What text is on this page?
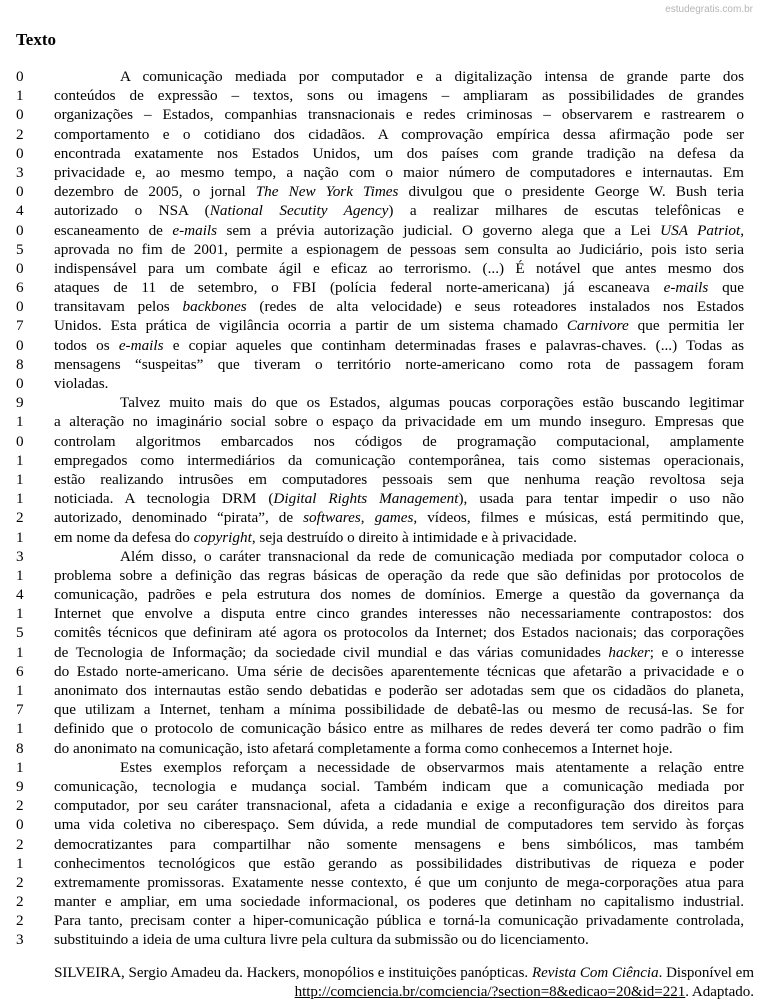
estudegratis.com.br
Texto
0	A comunicação mediada por computador e a digitalização intensa de grande parte dos
1	conteúdos de expressão – textos, sons ou imagens – ampliaram as possibilidades de grandes
0	organizações – Estados, companhias transnacionais e redes criminosas – observarem e rastrearem o
2	comportamento e o cotidiano dos cidadãos. A comprovação empírica dessa afirmação pode ser
0	encontrada exatamente nos Estados Unidos, um dos países com grande tradição na defesa da
3	privacidade e, ao mesmo tempo, a nação com o maior número de computadores e internautas. Em
0	dezembro de 2005, o jornal The New York Times divulgou que o presidente George W. Bush teria
4	autorizado o NSA (National Secutity Agency) a realizar milhares de escutas telefônicas e
0	escaneamento de e-mails sem a prévia autorização judicial. O governo alega que a Lei USA Patriot,
5	aprovada no fim de 2001, permite a espionagem de pessoas sem consulta ao Judiciário, pois isto seria
0	indispensável para um combate ágil e eficaz ao terrorismo. (...) É notável que antes mesmo dos
6	ataques de 11 de setembro, o FBI (polícia federal norte-americana) já escaneava e-mails que
0	transitavam pelos backbones (redes de alta velocidade) e seus roteadores instalados nos Estados
7	Unidos. Esta prática de vigilância ocorria a partir de um sistema chamado Carnivore que permitia ler
0	todos os e-mails e copiar aqueles que continham determinadas frases e palavras-chaves. (...) Todas as
8	mensagens “suspeitas” que tiveram o território norte-americano como rota de passagem foram
0	violadas.
9	Talvez muito mais do que os Estados, algumas poucas corporações estão buscando legitimar
1	a alteração no imaginário social sobre o espaço da privacidade em um mundo inseguro. Empresas que
0	controlam algoritmos embarcados nos códigos de programação computacional, amplamente
1	empregados como intermediários da comunicação contemporânea, tais como sistemas operacionais,
1	estão realizando intrusões em computadores pessoais sem que nenhuma reação revoltosa seja
1	noticiada. A tecnologia DRM (Digital Rights Management), usada para tentar impedir o uso não
2	autorizado, denominado “pirata”, de softwares, games, vídeos, filmes e músicas, está permitindo que,
1	em nome da defesa do copyright, seja destruído o direito à intimidade e à privacidade.
3	Além disso, o caráter transnacional da rede de comunicação mediada por computador coloca o
1	problema sobre a definição das regras básicas de operação da rede que são definidas por protocolos de
4	comunicação, padrões e pela estrutura dos nomes de domínios. Emerge a questão da governança da
1	Internet que envolve a disputa entre cinco grandes interesses não necessariamente contrapostos: dos
5	comitês técnicos que definiram até agora os protocolos da Internet; dos Estados nacionais; das corporações
1	de Tecnologia de Informação; da sociedade civil mundial e das várias comunidades hacker; e o interesse
6	do Estado norte-americano. Uma série de decisões aparentemente técnicas que afetarão a privacidade e o
1	anonimato dos internautas estão sendo debatidas e poderão ser adotadas sem que os cidadãos do planeta,
7	que utilizam a Internet, tenham a mínima possibilidade de debatê-las ou mesmo de recusá-las. Se for
1	definido que o protocolo de comunicação básico entre as milhares de redes deverá ter como padrão o fim
8	do anonimato na comunicação, isto afetará completamente a forma como conhecemos a Internet hoje.
1	Estes exemplos reforçam a necessidade de observarmos mais atentamente a relação entre
9	comunicação, tecnologia e mudança social. Também indicam que a comunicação mediada por
2	computador, por seu caráter transnacional, afeta a cidadania e exige a reconfiguração dos direitos para
0	uma vida coletiva no ciberespaço. Sem dúvida, a rede mundial de computadores tem servido às forças
2	democratizantes para compartilhar não somente mensagens e bens simbólicos, mas também
1	conhecimentos tecnológicos que estão gerando as possibilidades distributivas de riqueza e poder
2	extremamente promissoras. Exatamente nesse contexto, é que um conjunto de mega-corporações atua para
2	manter e ampliar, em uma sociedade informacional, os poderes que detinham no capitalismo industrial.
2	Para tanto, precisam conter a hiper-comunicação pública e torná-la comunicação privadamente controlada,
3	substituindo a ideia de uma cultura livre pela cultura da submissão ou do licenciamento.
SILVEIRA, Sergio Amadeu da. Hackers, monopólios e instituições panópticas. Revista Com Ciência. Disponível em
http://comciencia.br/comciencia/?section=8&edicao=20&id=221. Adaptado.
